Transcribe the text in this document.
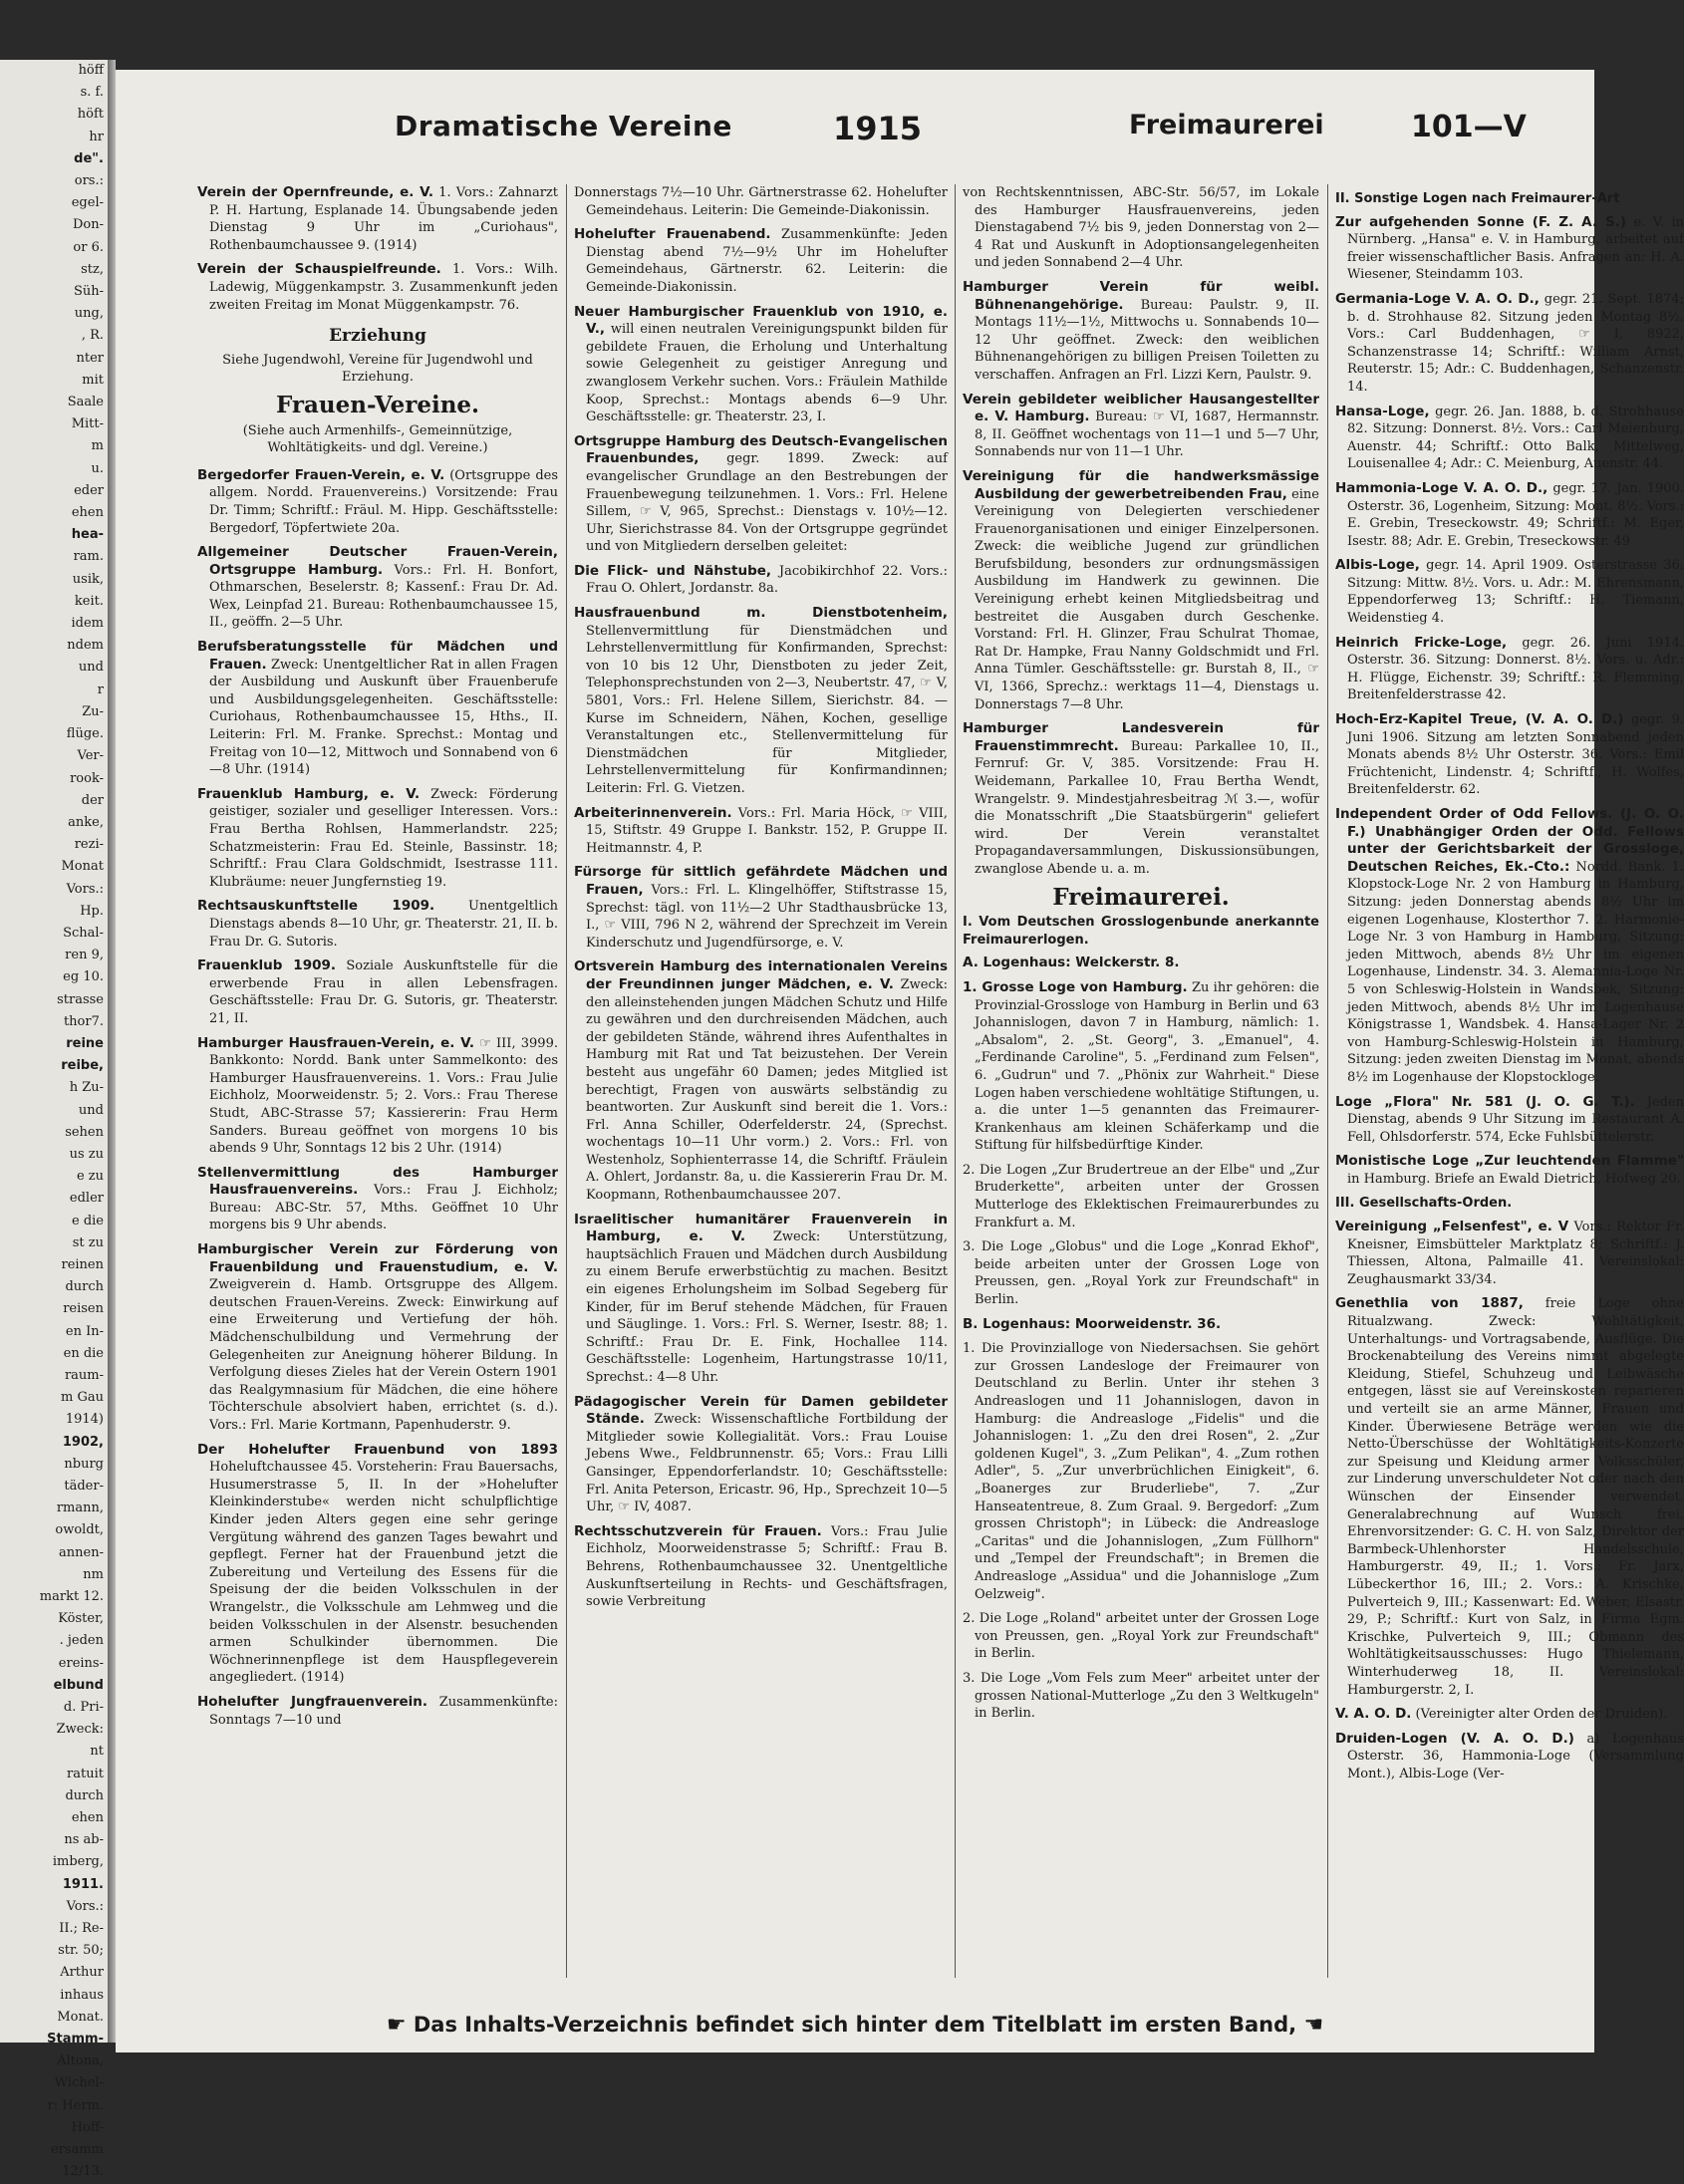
höff
s. f.
höft
hr
de".
ors.:
egel-
Don-
or 6.
stz,
Süh-
ung,
, R.
nter
mit
Saale
Mitt-
m
u.
eder
ehen
hea-
ram.
usik,
keit.
idem
ndem
und
r
Zu-
flüge.
Ver-
rook-
der
anke,
rezi-
Monat
Vors.:
Hp.
Schal-
ren 9,
eg 10.
strasse
thor7.
reine
reibe,
h Zu-
und
sehen
us zu
e zu
edler
e die
st zu
reinen
durch
reisen
en In-
en die
raum-
m Gau
1914)
1902,
nburg
täder-
rmann,
owoldt,
annen-
nm
markt 12.
Köster,
. jeden
ereins-
elbund
d. Pri-
Zweck:
nt
ratuit
durch
ehen
ns ab-
imberg,
1911.
Vors.:
II.; Re-
str. 50;
Arthur
inhaus
Monat.
Stamm-
Altona,
Wichel-
r: Herm.
Hoff-
ersamm
12/13.
Dramatische Vereine	1915	Freimaurerei	101—V
Verein der Opernfreunde, e. V. 1. Vors.: Zahnarzt P. H. Hartung, Esplanade 14. Übungsabende jeden Dienstag 9 Uhr im „Curiohaus", Rothenbaumchaussee 9. (1914)
Verein der Schauspielfreunde. 1. Vors.: Wilh. Ladewig, Müggenkampstr. 3. Zusammenkunft jeden zweiten Freitag im Monat Müggenkampstr. 76.
Erziehung
Siehe Jugendwohl, Vereine für Jugendwohl und Erziehung.
Frauen-Vereine.
(Siehe auch Armenhilfs-, Gemeinnützige, Wohltätigkeits- und dgl. Vereine.)
Bergedorfer Frauen-Verein, e. V. (Ortsgruppe des allgem. Nordd. Frauenvereins.) Vorsitzende: Frau Dr. Timm; Schriftf.: Fräul. M. Hipp. Geschäftsstelle: Bergedorf, Töpfertwiete 20a.
Allgemeiner Deutscher Frauen-Verein, Ortsgruppe Hamburg. Vors.: Frl. H. Bonfort, Othmarschen, Beselerstr. 8; Kassenf.: Frau Dr. Ad. Wex, Leinpfad 21. Bureau: Rothenbaumchaussee 15, II., geöffn. 2—5 Uhr.
Berufsberatungsstelle für Mädchen und Frauen. Zweck: Unentgeltlicher Rat in allen Fragen der Ausbildung und Auskunft über Frauenberufe und Ausbildungsgelegenheiten. Geschäftsstelle: Curiohaus, Rothenbaumchaussee 15, Hths., II. Leiterin: Frl. M. Franke. Sprechst.: Montag und Freitag von 10—12, Mittwoch und Sonnabend von 6—8 Uhr. (1914)
Frauenklub Hamburg, e. V. Zweck: Förderung geistiger, sozialer und geselliger Interessen. Vors.: Frau Bertha Rohlsen, Hammerlandstr. 225; Schatzmeisterin: Frau Ed. Steinle, Bassinstr. 18; Schriftf.: Frau Clara Goldschmidt, Isestrasse 111. Klubräume: neuer Jungfernstieg 19.
Rechtsauskunftstelle 1909.	Unentgeltlich Dienstags abends 8—10 Uhr, gr. Theaterstr. 21, II. b. Frau Dr. G. Sutoris.
Frauenklub 1909. Soziale Auskunftstelle für die erwerbende Frau in allen Lebensfragen. Geschäftsstelle: Frau Dr. G. Sutoris, gr. Theaterstr. 21, II.
Hamburger Hausfrauen-Verein, e. V. ☞ III, 3999. Bankkonto: Nordd. Bank unter Sammelkonto: des Hamburger Hausfrauenvereins. 1. Vors.: Frau Julie Eichholz, Moorweidenstr. 5; 2. Vors.: Frau Therese Studt, ABC-Strasse 57; Kassiererin: Frau Herm Sanders. Bureau geöffnet von morgens 10 bis abends 9 Uhr, Sonntags 12 bis 2 Uhr. (1914)
Stellenvermittlung des Hamburger Hausfrauenvereins. Vors.: Frau J. Eichholz; Bureau: ABC-Str. 57, Mths. Geöffnet 10 Uhr morgens bis 9 Uhr abends.
Hamburgischer Verein zur Förderung von Frauenbildung und Frauenstudium, e. V. Zweigverein d. Hamb. Ortsgruppe des Allgem. deutschen Frauen-Vereins. Zweck: Einwirkung auf eine Erweiterung und Vertiefung der höh. Mädchenschulbildung und Vermehrung der Gelegenheiten zur Aneignung höherer Bildung. In Verfolgung dieses Zieles hat der Verein Ostern 1901 das Realgymnasium für Mädchen, die eine höhere Töchterschule absolviert haben, errichtet (s. d.). Vors.: Frl. Marie Kortmann, Papenhuderstr. 9.
Der Hohelufter Frauenbund von 1893 Hoheluftchaussee 45. Vorsteherin: Frau Bauersachs, Husumerstrasse 5, II. In der »Hohelufter Kleinkinderstube« werden nicht schulpflichtige Kinder jeden Alters gegen eine sehr geringe Vergütung während des ganzen Tages bewahrt und gepflegt. Ferner hat der Frauenbund jetzt die Zubereitung und Verteilung des Essens für die Speisung der die beiden Volksschulen in der Wrangelstr., die Volksschule am Lehmweg und die beiden Volksschulen in der Alsenstr. besuchenden armen Schulkinder übernommen. Die Wöchnerinnenpflege ist dem Hauspflegeverein angegliedert. (1914)
Hohelufter Jungfrauenverein. Zusammenkünfte: Sonntags 7—10 und
Donnerstags 7½—10 Uhr. Gärtnerstrasse 62. Hohelufter Gemeindehaus. Leiterin: Die Gemeinde-Diakonissin.
Hohelufter Frauenabend. Zusammenkünfte: Jeden Dienstag abend 7½—9½ Uhr im Hohelufter Gemeindehaus, Gärtnerstr. 62. Leiterin: die Gemeinde-Diakonissin.
Neuer Hamburgischer Frauenklub von 1910, e. V., will einen neutralen Vereinigungspunkt bilden für gebildete Frauen, die Erholung und Unterhaltung sowie Gelegenheit zu geistiger Anregung und zwanglosem Verkehr suchen. Vors.: Fräulein Mathilde Koop, Sprechst.: Montags abends 6—9 Uhr. Geschäftsstelle: gr. Theaterstr. 23, I.
Ortsgruppe Hamburg des Deutsch-Evangelischen Frauenbundes, gegr. 1899. Zweck: auf evangelischer Grundlage an den Bestrebungen der Frauenbewegung teilzunehmen. 1. Vors.: Frl. Helene Sillem, ☞ V, 965, Sprechst.: Dienstags v. 10½—12. Uhr, Sierichstrasse 84. Von der Ortsgruppe gegründet und von Mitgliedern derselben geleitet:
Die Flick- und Nähstube, Jacobikirchhof 22. Vors.: Frau O. Ohlert, Jordanstr. 8a.
Hausfrauenbund m. Dienstbotenheim, Stellenvermittlung für Dienstmädchen und Lehrstellenvermittlung für Konfirmanden, Sprechst: von 10 bis 12 Uhr, Dienstboten zu jeder Zeit, Telephonsprechstunden von 2—3, Neubertstr. 47, ☞ V, 5801, Vors.: Frl. Helene Sillem, Sierichstr. 84. — Kurse im Schneidern, Nähen, Kochen, gesellige Veranstaltungen etc., Stellenvermittelung für Dienstmädchen für Mitglieder, Lehrstellenvermittelung für Konfirmandinnen; Leiterin: Frl. G. Vietzen.
Arbeiterinnenverein. Vors.: Frl. Maria Höck, ☞ VIII, 15, Stiftstr. 49 Gruppe I. Bankstr. 152, P. Gruppe II. Heitmannstr. 4, P.
Fürsorge für sittlich gefährdete Mädchen und Frauen, Vors.: Frl. L. Klingelhöffer, Stiftstrasse 15, Sprechst: tägl. von 11½—2 Uhr Stadthausbrücke 13, I., ☞ VIII, 796 N 2, während der Sprechzeit im Verein Kinderschutz und Jugendfürsorge, e. V.
Ortsverein Hamburg des internationalen Vereins der Freundinnen junger Mädchen, e. V. Zweck: den alleinstehenden jungen Mädchen Schutz und Hilfe zu gewähren und den durchreisenden Mädchen, auch der gebildeten Stände, während ihres Aufenthaltes in Hamburg mit Rat und Tat beizustehen. Der Verein besteht aus ungefähr 60 Damen; jedes Mitglied ist berechtigt, Fragen von auswärts selbständig zu beantworten. Zur Auskunft sind bereit die 1. Vors.: Frl. Anna Schiller, Oderfelderstr. 24, (Sprechst. wochentags 10—11 Uhr vorm.) 2. Vors.: Frl. von Westenholz, Sophienterrasse 14, die Schriftf. Fräulein A. Ohlert, Jordanstr. 8a, u. die Kassiererin Frau Dr. M. Koopmann, Rothenbaumchaussee 207.
Israelitischer humanitärer Frauenverein in Hamburg, e. V. Zweck: Unterstützung, hauptsächlich Frauen und Mädchen durch Ausbildung zu einem Berufe erwerbstüchtig zu machen. Besitzt ein eigenes Erholungsheim im Solbad Segeberg für Kinder, für im Beruf stehende Mädchen, für Frauen und Säuglinge. 1. Vors.: Frl. S. Werner, Isestr. 88; 1. Schriftf.: Frau Dr. E. Fink, Hochallee 114. Geschäftsstelle: Logenheim, Hartungstrasse 10/11, Sprechst.: 4—8 Uhr.
Pädagogischer Verein für Damen gebildeter Stände. Zweck: Wissenschaftliche Fortbildung der Mitglieder sowie Kollegialität. Vors.: Frau Louise Jebens Wwe., Feldbrunnenstr. 65; Vors.: Frau Lilli Gansinger, Eppendorferlandstr. 10; Geschäftsstelle: Frl. Anita Peterson, Ericastr. 96, Hp., Sprechzeit 10—5 Uhr, ☞ IV, 4087.
Rechtsschutzverein für Frauen. Vors.: Frau Julie Eichholz, Moorweidenstrasse 5; Schriftf.: Frau B. Behrens, Rothenbaumchaussee 32. Unentgeltliche Auskunftserteilung in Rechts- und Geschäftsfragen, sowie Verbreitung
von Rechtskenntnissen, ABC-Str. 56/57, im Lokale des Hamburger Hausfrauenvereins, jeden Dienstagabend 7½ bis 9, jeden Donnerstag von 2—4 Rat und Auskunft in Adoptionsangelegenheiten und jeden Sonnabend 2—4 Uhr.
Hamburger Verein für weibl. Bühnenangehörige. Bureau: Paulstr. 9, II. Montags 11½—1½, Mittwochs u. Sonnabends 10—12 Uhr geöffnet. Zweck: den weiblichen Bühnenangehörigen zu billigen Preisen Toiletten zu verschaffen. Anfragen an Frl. Lizzi Kern, Paulstr. 9.
Verein gebildeter weiblicher Hausangestellter e. V. Hamburg. Bureau: ☞ VI, 1687, Hermannstr. 8, II. Geöffnet wochentags von 11—1 und 5—7 Uhr, Sonnabends nur von 11—1 Uhr.
Vereinigung für die handwerksmässige Ausbildung der gewerbetreibenden Frau, eine Vereinigung von Delegierten verschiedener Frauenorganisationen und einiger Einzelpersonen. Zweck: die weibliche Jugend zur gründlichen Berufsbildung, besonders zur ordnungsmässigen Ausbildung im Handwerk zu gewinnen. Die Vereinigung erhebt keinen Mitgliedsbeitrag und bestreitet die Ausgaben durch Geschenke. Vorstand: Frl. H. Glinzer, Frau Schulrat Thomae, Rat Dr. Hampke, Frau Nanny Goldschmidt und Frl. Anna Tümler. Geschäftsstelle: gr. Burstah 8, II., ☞ VI, 1366, Sprechz.: werktags 11—4, Dienstags u. Donnerstags 7—8 Uhr.
Hamburger Landesverein für Frauenstimmrecht. Bureau: Parkallee 10, II., Fernruf: Gr. V, 385. Vorsitzende: Frau H. Weidemann, Parkallee 10, Frau Bertha Wendt, Wrangelstr. 9. Mindestjahresbeitrag ℳ 3.—, wofür die Monatsschrift „Die Staatsbürgerin" geliefert wird. Der Verein veranstaltet Propagandaversammlungen, Diskussionsübungen, zwanglose Abende u. a. m.
Freimaurerei.
I. Vom Deutschen Grosslogenbunde anerkannte Freimaurerlogen.
A. Logenhaus: Welckerstr. 8.
1. Grosse Loge von Hamburg. Zu ihr gehören: die Provinzial-Grossloge von Hamburg in Berlin und 63 Johannislogen, davon 7 in Hamburg, nämlich: 1. „Absalom", 2. „St. Georg", 3. „Emanuel", 4. „Ferdinande Caroline", 5. „Ferdinand zum Felsen", 6. „Gudrun" und 7. „Phönix zur Wahrheit." Diese Logen haben verschiedene wohltätige Stiftungen, u. a. die unter 1—5 genannten das Freimaurer-Krankenhaus am kleinen Schäferkamp und die Stiftung für hilfsbedürftige Kinder.
2. Die Logen „Zur Brudertreue an der Elbe" und „Zur Bruderkette", arbeiten unter der Grossen Mutterloge des Eklektischen Freimaurerbundes zu Frankfurt a. M.
3. Die Loge „Globus" und die Loge „Konrad Ekhof", beide arbeiten unter der Grossen Loge von Preussen, gen. „Royal York zur Freundschaft" in Berlin.
B. Logenhaus: Moorweidenstr. 36.
1. Die Provinzialloge von Niedersachsen. Sie gehört zur Grossen Landesloge der Freimaurer von Deutschland zu Berlin. Unter ihr stehen 3 Andreaslogen und 11 Johannislogen, davon in Hamburg: die Andreasloge „Fidelis" und die Johannislogen: 1. „Zu den drei Rosen", 2. „Zur goldenen Kugel", 3. „Zum Pelikan", 4. „Zum rothen Adler", 5. „Zur unverbrüchlichen Einigkeit", 6. „Boanerges zur Bruderliebe", 7. „Zur Hanseatentreue, 8. Zum Graal. 9. Bergedorf: „Zum grossen Christoph"; in Lübeck: die Andreasloge „Caritas" und die Johannislogen, „Zum Füllhorn" und „Tempel der Freundschaft"; in Bremen die Andreasloge „Assidua" und die Johannisloge „Zum Oelzweig".
2. Die Loge „Roland" arbeitet unter der Grossen Loge von Preussen, gen. „Royal York zur Freundschaft" in Berlin.
3. Die Loge „Vom Fels zum Meer" arbeitet unter der grossen National-Mutterloge „Zu den 3 Weltkugeln" in Berlin.
II. Sonstige Logen nach Freimaurer-Art
Zur aufgehenden Sonne (F. Z. A. S.) e. V. in Nürnberg. „Hansa" e. V. in Hamburg, arbeitet auf freier wissenschaftlicher Basis. Anfragen an: H. A. Wiesener, Steindamm 103.
Germania-Loge V. A. O. D., gegr. 21. Sept. 1874; b. d. Strohhause 82. Sitzung jeden Montag 8½. Vors.: Carl Buddenhagen, ☞ I, 8922, Schanzenstrasse 14; Schriftf.: William Arnst, Reuterstr. 15; Adr.: C. Buddenhagen, Schanzenstr. 14.
Hansa-Loge, gegr. 26. Jan. 1888, b. d. Strohhause 82. Sitzung: Donnerst. 8½. Vors.: Carl Meienburg, Auenstr. 44; Schriftf.: Otto Balk, Mittelweg, Louisenallee 4; Adr.: C. Meienburg, Auenstr. 44.
Hammonia-Loge V. A. O. D., gegr. 17. Jan. 1900. Osterstr. 36, Logenheim, Sitzung: Mont. 8½. Vors.: E. Grebin, Treseckowstr. 49; Schriftf.: M. Eger, Isestr. 88; Adr. E. Grebin, Treseckowstr. 49
Albis-Loge, gegr. 14. April 1909. Osterstrasse 36. Sitzung: Mittw. 8½. Vors. u. Adr.: M. Ehrensmann, Eppendorferweg 13; Schriftf.: H. Tiemann, Weidenstieg 4.
Heinrich Fricke-Loge, gegr. 26. Juni 1914. Osterstr. 36. Sitzung: Donnerst. 8½. Vors. u. Adr.: H. Flügge, Eichenstr. 39; Schriftf.: R. Flemming, Breitenfelderstrasse 42.
Hoch-Erz-Kapitel Treue, (V. A. O. D.) gegr. 9. Juni 1906. Sitzung am letzten Sonnabend jeden Monats abends 8½ Uhr Osterstr. 36. Vors.: Emil Früchtenicht, Lindenstr. 4; Schriftf., H. Wolfes, Breitenfelderstr. 62.
Independent Order of Odd Fellows. (J. O. O. F.) Unabhängiger Orden der Odd. Fellows unter der Gerichtsbarkeit der Grossloge, Deutschen Reiches, Ek.-Cto.: Nordd. Bank. 1. Klopstock-Loge Nr. 2 von Hamburg in Hamburg, Sitzung: jeden Donnerstag abends 8½ Uhr im eigenen Logenhause, Klosterthor 7. 2. Harmonie-Loge Nr. 3 von Hamburg in Hamburg, Sitzung: jeden Mittwoch, abends 8½ Uhr im eigenen Logenhause, Lindenstr. 34. 3. Alemannia-Loge Nr. 5 von Schleswig-Holstein in Wandsbek, Sitzung: jeden Mittwoch, abends 8½ Uhr im Logenhause Königstrasse 1, Wandsbek. 4. Hansa-Lager Nr. 2 von Hamburg-Schleswig-Holstein in Hamburg, Sitzung: jeden zweiten Dienstag im Monat, abends 8½ im Logenhause der Klopstockloge.
Loge „Flora" Nr. 581 (J. O. G. T.). Jeden Dienstag, abends 9 Uhr Sitzung im Restaurant A. Fell, Ohlsdorferstr. 574, Ecke Fuhlsbüttelerstr.
Monistische Loge „Zur leuchtenden Flamme" in Hamburg. Briefe an Ewald Dietrich, Hofweg 20.
III. Gesellschafts-Orden.
Vereinigung „Felsenfest", e. V Vors.: Rektor Fr. Kneisner, Eimsbütteler Marktplatz 8; Schriftf.: J. Thiessen, Altona, Palmaille 41. Vereinslokal: Zeughausmarkt 33/34.
Genethlia von 1887, freie Loge ohne Ritualzwang. Zweck: Wohltätigkeit, Unterhaltungs- und Vortragsabende, Ausflüge. Die Brockenabteilung des Vereins nimmt abgelegte Kleidung, Stiefel, Schuhzeug und Leibwäsche entgegen, lässt sie auf Vereinskosten reparieren und verteilt sie an arme Männer, Frauen und Kinder. Überwiesene Beträge werden wie die Netto-Überschüsse der Wohltätigkeits-Konzerte zur Speisung und Kleidung armer Volksschüler, zur Linderung unverschuldeter Not oder nach den Wünschen der Einsender verwendet. Generalabrechnung auf Wunsch frei. Ehrenvorsitzender: G. C. H. von Salz, Direktor der Barmbeck-Uhlenhorster Handelsschule, Hamburgerstr. 49, II.; 1. Vors.: Fr. Jarx, Lübeckerthor 16, III.; 2. Vors.: A. Krischke, Pulverteich 9, III.; Kassenwart: Ed. Weber, Elsastr. 29, P.; Schriftf.: Kurt von Salz, in Firma Egm. Krischke, Pulverteich 9, III.; Obmann des Wohltätigkeitsausschusses: Hugo Thielemann, Winterhuderweg 18, II. Vereinslokal: Hamburgerstr. 2, I.
V. A. O. D. (Vereinigter alter Orden der Druiden).
Druiden-Logen (V. A. O. D.) a) Logenhaus Osterstr. 36, Hammonia-Loge (Versammlung Mont.), Albis-Loge (Ver-
☛ Das Inhalts-Verzeichnis befindet sich hinter dem Titelblatt im ersten Band, ☚
